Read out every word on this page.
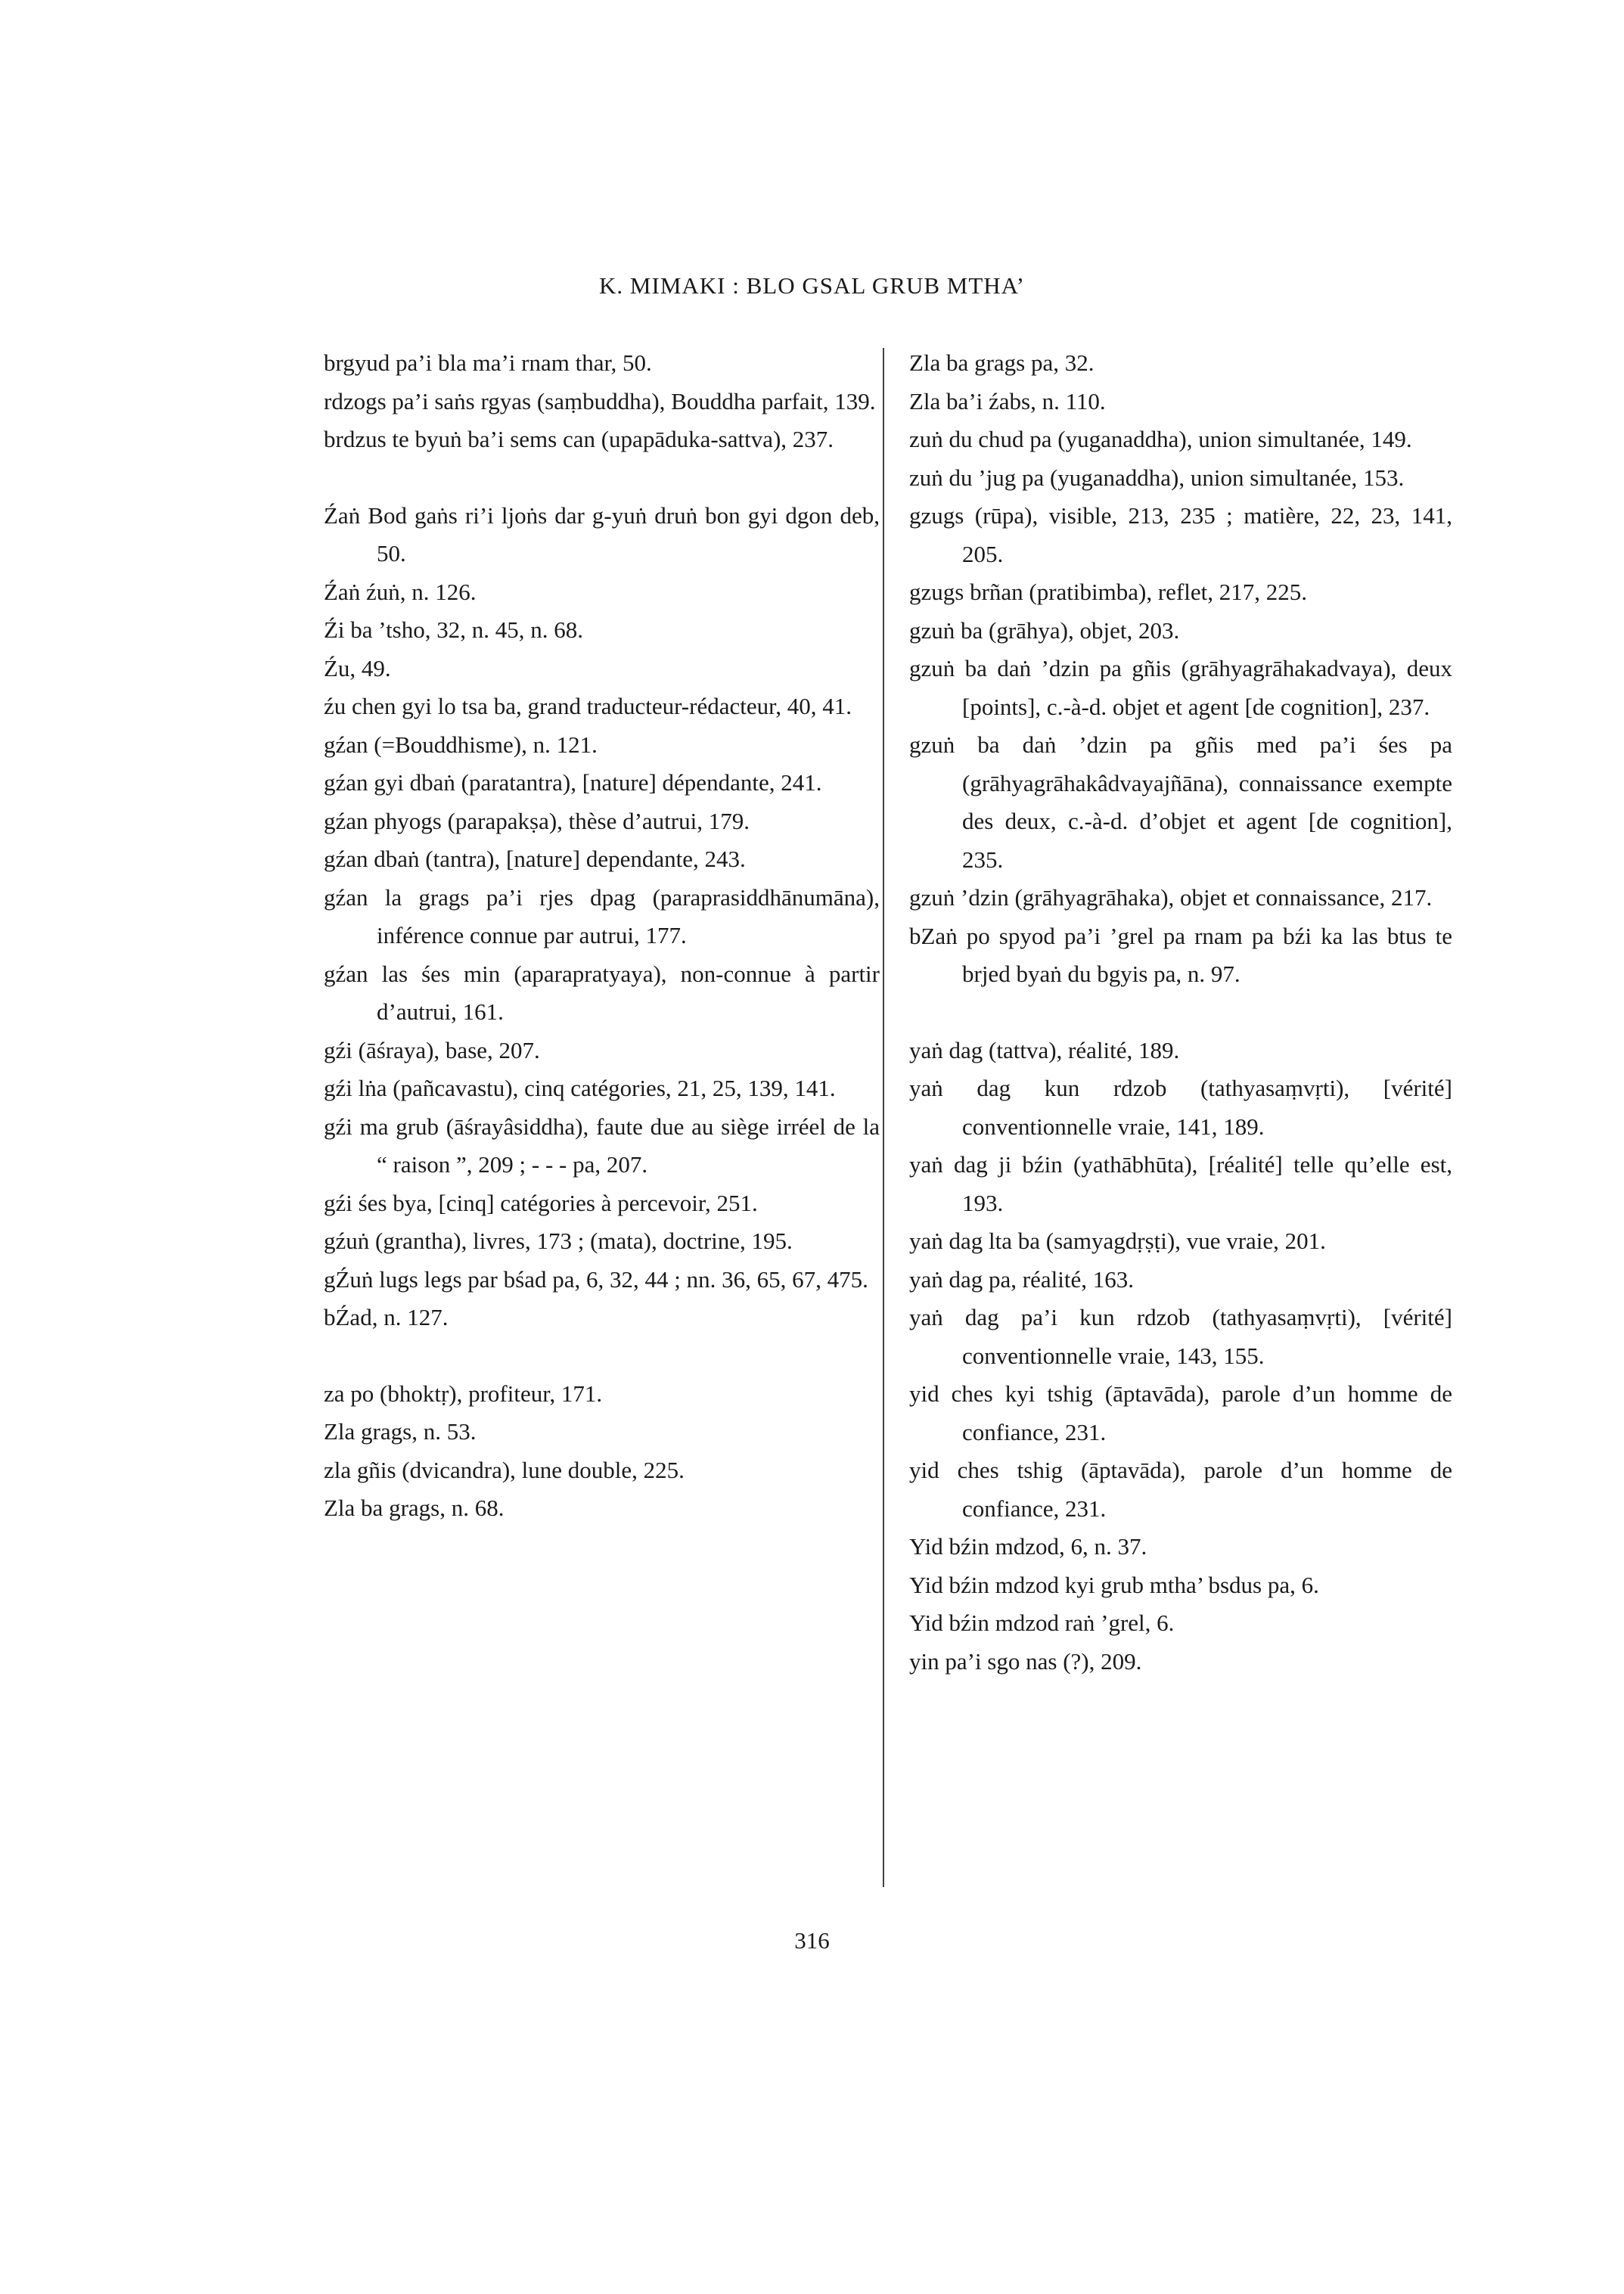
K. MIMAKI : BLO GSAL GRUB MTHA’

brgyud pa’i bla ma’i rnam thar, 50.

rdzogs pa’i saṅs rgyas (saṃbuddha), Bouddha parfait, 139.

brdzus te byuṅ ba’i sems can (upapāduka-sattva), 237.

Źaṅ Bod gaṅs ri’i ljoṅs dar g-yuṅ druṅ bon gyi dgon deb, 50.

Źaṅ źuṅ, n. 126.

Źi ba ’tsho, 32, n. 45, n. 68.

Źu, 49.

źu chen gyi lo tsa ba, grand traducteur-rédacteur, 40, 41.

gźan (=Bouddhisme), n. 121.

gźan gyi dbaṅ (paratantra), [nature] dépendante, 241.

gźan phyogs (parapakṣa), thèse d’autrui, 179.

gźan dbaṅ (tantra), [nature] dependante, 243.

gźan la grags pa’i rjes dpag (paraprasiddhānumāna), inférence connue par autrui, 177.

gźan las śes min (aparapratyaya), non-connue à partir d’autrui, 161.

gźi (āśraya), base, 207.

gźi lṅa (pañcavastu), cinq catégories, 21, 25, 139, 141.

gźi ma grub (āśrayâsiddha), faute due au siège irréel de la “ raison ”, 209 ; - - - pa, 207.

gźi śes bya, [cinq] catégories à percevoir, 251.

gźuṅ (grantha), livres, 173 ; (mata), doctrine, 195.

gŹuṅ lugs legs par bśad pa, 6, 32, 44 ; nn. 36, 65, 67, 475.

bŹad, n. 127.

za po (bhoktṛ), profiteur, 171.

Zla grags, n. 53.

zla gñis (dvicandra), lune double, 225.

Zla ba grags, n. 68.

Zla ba grags pa, 32.

Zla ba’i źabs, n. 110.

zuṅ du chud pa (yuganaddha), union simultanée, 149.

zuṅ du ’jug pa (yuganaddha), union simultanée, 153.

gzugs (rūpa), visible, 213, 235 ; matière, 22, 23, 141, 205.

gzugs brñan (pratibimba), reflet, 217, 225.

gzuṅ ba (grāhya), objet, 203.

gzuṅ ba daṅ ’dzin pa gñis (grāhyagrāhakadvaya), deux [points], c.-à-d. objet et agent [de cognition], 237.

gzuṅ ba daṅ ’dzin pa gñis med pa’i śes pa (grāhyagrāhakâdvayajñāna), connaissance exempte des deux, c.-à-d. d’objet et agent [de cognition], 235.

gzuṅ ’dzin (grāhyagrāhaka), objet et connaissance, 217.

bZaṅ po spyod pa’i ’grel pa rnam pa bźi ka las btus te brjed byaṅ du bgyis pa, n. 97.

yaṅ dag (tattva), réalité, 189.

yaṅ dag kun rdzob (tathyasaṃvṛti), [vérité] conventionnelle vraie, 141, 189.

yaṅ dag ji bźin (yathābhūta), [réalité] telle qu’elle est, 193.

yaṅ dag lta ba (samyagdṛṣṭi), vue vraie, 201.

yaṅ dag pa, réalité, 163.

yaṅ dag pa’i kun rdzob (tathyasaṃvṛti), [vérité] conventionnelle vraie, 143, 155.

yid ches kyi tshig (āptavāda), parole d’un homme de confiance, 231.

yid ches tshig (āptavāda), parole d’un homme de confiance, 231.

Yid bźin mdzod, 6, n. 37.

Yid bźin mdzod kyi grub mtha’ bsdus pa, 6.

Yid bźin mdzod raṅ ’grel, 6.

yin pa’i sgo nas (?), 209.

316
